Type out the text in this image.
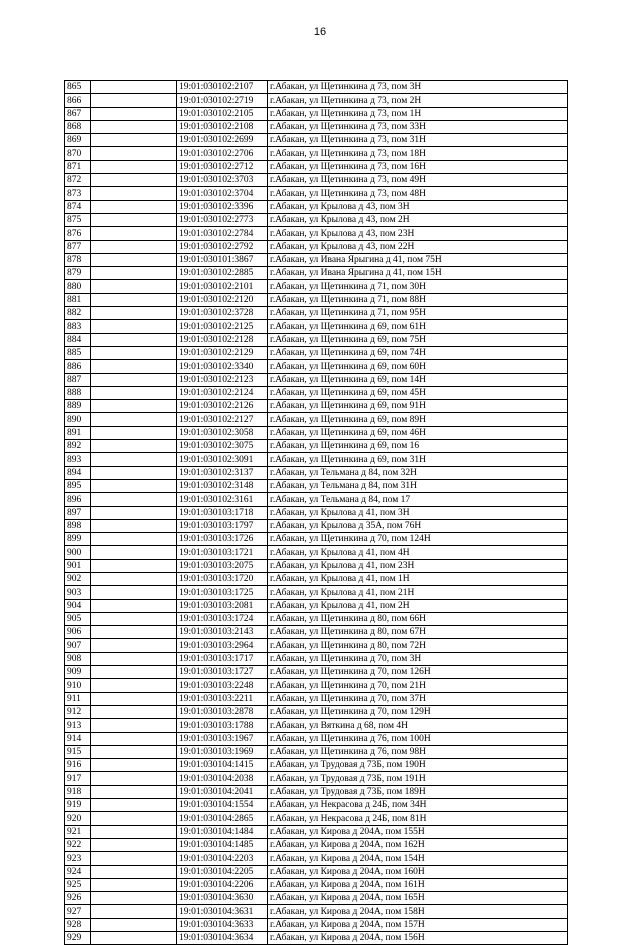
16
865		19:01:030102:2107	г.Абакан, ул Щетинкина д 73, пом 3Н
866		19:01:030102:2719	г.Абакан, ул Щетинкина д 73, пом 2Н
867		19:01:030102:2105	г.Абакан, ул Щетинкина д 73, пом 1Н
868		19:01:030102:2108	г.Абакан, ул Щетинкина д 73, пом 33Н
869		19:01:030102:2699	г.Абакан, ул Щетинкина д 73, пом 31Н
870		19:01:030102:2706	г.Абакан, ул Щетинкина д 73, пом 18Н
871		19:01:030102:2712	г.Абакан, ул Щетинкина д 73, пом 16Н
872		19:01:030102:3703	г.Абакан, ул Щетинкина д 73, пом 49Н
873		19:01:030102:3704	г.Абакан, ул Щетинкина д 73, пом 48Н
874		19:01:030102:3396	г.Абакан, ул Крылова д 43, пом 3Н
875		19:01:030102:2773	г.Абакан, ул Крылова д 43, пом 2Н
876		19:01:030102:2784	г.Абакан, ул Крылова д 43, пом 23Н
877		19:01:030102:2792	г.Абакан, ул Крылова д 43, пом 22Н
878		19:01:030101:3867	г.Абакан, ул Ивана Ярыгина д 41, пом 75Н
879		19:01:030102:2885	г.Абакан, ул Ивана Ярыгина д 41, пом 15Н
880		19:01:030102:2101	г.Абакан, ул Щетинкина д 71, пом 30Н
881		19:01:030102:2120	г.Абакан, ул Щетинкина д 71, пом 88Н
882		19:01:030102:3728	г.Абакан, ул Щетинкина д 71, пом 95Н
883		19:01:030102:2125	г.Абакан, ул Щетинкина д 69, пом 61Н
884		19:01:030102:2128	г.Абакан, ул Щетинкина д 69, пом 75Н
885		19:01:030102:2129	г.Абакан, ул Щетинкина д 69, пом 74Н
886		19:01:030102:3340	г.Абакан, ул Щетинкина д 69, пом 60Н
887		19:01:030102:2123	г.Абакан, ул Щетинкина д 69, пом 14Н
888		19:01:030102:2124	г.Абакан, ул Щетинкина д 69, пом 45Н
889		19:01:030102:2126	г.Абакан, ул Щетинкина д 69, пом 91Н
890		19:01:030102:2127	г.Абакан, ул Щетинкина д 69, пом 89Н
891		19:01:030102:3058	г.Абакан, ул Щетинкина д 69, пом 46Н
892		19:01:030102:3075	г.Абакан, ул Щетинкина д 69, пом 16
893		19:01:030102:3091	г.Абакан, ул Щетинкина д 69, пом 31Н
894		19:01:030102:3137	г.Абакан, ул Тельмана д 84, пом 32Н
895		19:01:030102:3148	г.Абакан, ул Тельмана д 84, пом 31Н
896		19:01:030102:3161	г.Абакан, ул Тельмана д 84, пом 17
897		19:01:030103:1718	г.Абакан, ул Крылова д 41, пом 3Н
898		19:01:030103:1797	г.Абакан, ул Крылова д 35А, пом 76Н
899		19:01:030103:1726	г.Абакан, ул Щетинкина д 70, пом 124Н
900		19:01:030103:1721	г.Абакан, ул Крылова д 41, пом 4Н
901		19:01:030103:2075	г.Абакан, ул Крылова д 41, пом 23Н
902		19:01:030103:1720	г.Абакан, ул Крылова д 41, пом 1Н
903		19:01:030103:1725	г.Абакан, ул Крылова д 41, пом 21Н
904		19:01:030103:2081	г.Абакан, ул Крылова д 41, пом 2Н
905		19:01:030103:1724	г.Абакан, ул Щетинкина д 80, пом 66Н
906		19:01:030103:2143	г.Абакан, ул Щетинкина д 80, пом 67Н
907		19:01:030103:2964	г.Абакан, ул Щетинкина д 80, пом 72Н
908		19:01:030103:1717	г.Абакан, ул Щетинкина д 70, пом 3Н
909		19:01:030103:1727	г.Абакан, ул Щетинкина д 70, пом 126Н
910		19:01:030103:2248	г.Абакан, ул Щетинкина д 70, пом 21Н
911		19:01:030103:2211	г.Абакан, ул Щетинкина д 70, пом 37Н
912		19:01:030103:2878	г.Абакан, ул Щетинкина д 70, пом 129Н
913		19:01:030103:1788	г.Абакан, ул Вяткина д 68, пом 4Н
914		19:01:030103:1967	г.Абакан, ул Щетинкина д 76, пом 100Н
915		19:01:030103:1969	г.Абакан, ул Щетинкина д 76, пом 98Н
916		19:01:030104:1415	г.Абакан, ул Трудовая д 73Б, пом 190Н
917		19:01:030104:2038	г.Абакан, ул Трудовая д 73Б, пом 191Н
918		19:01:030104:2041	г.Абакан, ул Трудовая д 73Б, пом 189Н
919		19:01:030104:1554	г.Абакан, ул Некрасова д 24Б, пом 34Н
920		19:01:030104:2865	г.Абакан, ул Некрасова д 24Б, пом 81Н
921		19:01:030104:1484	г.Абакан, ул Кирова д 204А, пом 155Н
922		19:01:030104:1485	г.Абакан, ул Кирова д 204А, пом 162Н
923		19:01:030104:2203	г.Абакан, ул Кирова д 204А, пом 154Н
924		19:01:030104:2205	г.Абакан, ул Кирова д 204А, пом 160Н
925		19:01:030104:2206	г.Абакан, ул Кирова д 204А, пом 161Н
926		19:01:030104:3630	г.Абакан, ул Кирова д 204А, пом 165Н
927		19:01:030104:3631	г.Абакан, ул Кирова д 204А, пом 158Н
928		19:01:030104:3633	г.Абакан, ул Кирова д 204А, пом 157Н
929		19:01:030104:3634	г.Абакан, ул Кирова д 204А, пом 156Н
